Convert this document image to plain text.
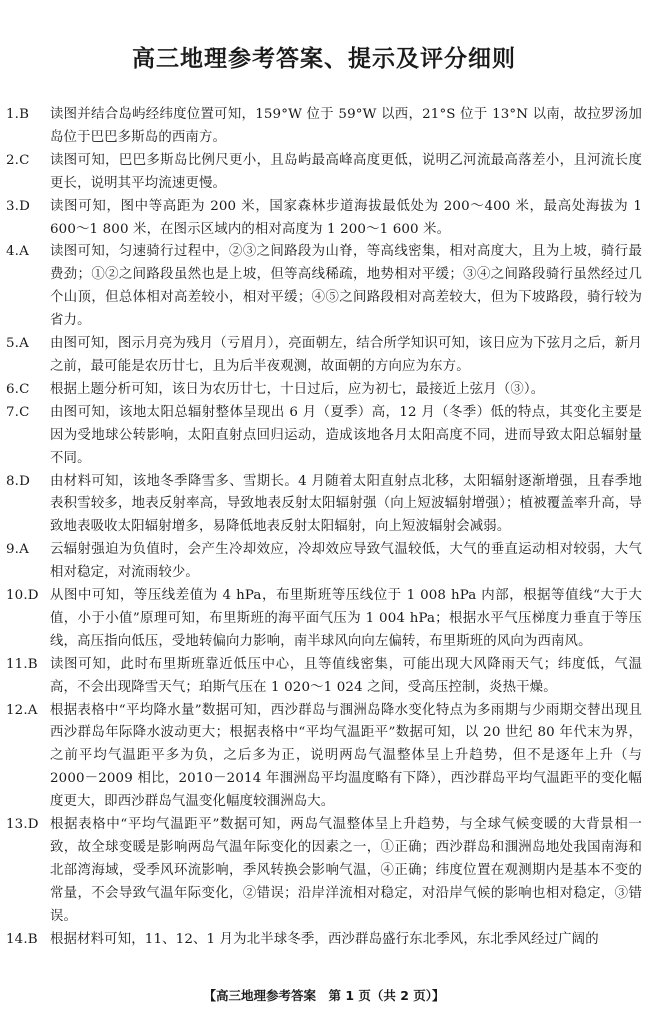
高三地理参考答案、提示及评分细则
1.B 读图并结合岛屿经纬度位置可知，159°W 位于 59°W 以西，21°S 位于 13°N 以南，故拉罗汤加岛位于巴巴多斯岛的西南方。
2.C 读图可知，巴巴多斯岛比例尺更小，且岛屿最高峰高度更低，说明乙河流最高落差小，且河流长度更长，说明其平均流速更慢。
3.D 读图可知，图中等高距为 200 米，国家森林步道海拔最低处为 200～400 米，最高处海拔为 1 600～1 800 米，在图示区域内的相对高度为 1 200～1 600 米。
4.A 读图可知，匀速骑行过程中，②③之间路段为山脊，等高线密集，相对高度大，且为上坡，骑行最费劲；①②之间路段虽然也是上坡，但等高线稀疏，地势相对平缓；③④之间路段骑行虽然经过几个山顶，但总体相对高差较小，相对平缓；④⑤之间路段相对高差较大，但为下坡路段，骑行较为省力。
5.A 由图可知，图示月亮为残月（亏眉月），亮面朝左，结合所学知识可知，该日应为下弦月之后，新月之前，最可能是农历廿七，且为后半夜观测，故面朝的方向应为东方。
6.C 根据上题分析可知，该日为农历廿七，十日过后，应为初七，最接近上弦月（③）。
7.C 由图可知，该地太阳总辐射整体呈现出 6 月（夏季）高，12 月（冬季）低的特点，其变化主要是因为受地球公转影响，太阳直射点回归运动，造成该地各月太阳高度不同，进而导致太阳总辐射量不同。
8.D 由材料可知，该地冬季降雪多、雪期长。4 月随着太阳直射点北移，太阳辐射逐渐增强，且春季地表积雪较多，地表反射率高，导致地表反射太阳辐射强（向上短波辐射增强）；植被覆盖率升高，导致地表吸收太阳辐射增多，易降低地表反射太阳辐射，向上短波辐射会减弱。
9.A 云辐射强迫为负值时，会产生冷却效应，冷却效应导致气温较低，大气的垂直运动相对较弱，大气相对稳定，对流雨较少。
10.D 从图中可知，等压线差值为 4 hPa，布里斯班等压线位于 1 008 hPa 内部，根据等值线“大于大值，小于小值”原理可知，布里斯班的海平面气压为 1 004 hPa；根据水平气压梯度力垂直于等压线，高压指向低压，受地转偏向力影响，南半球风向向左偏转，布里斯班的风向为西南风。
11.B 读图可知，此时布里斯班靠近低压中心，且等值线密集，可能出现大风降雨天气；纬度低，气温高，不会出现降雪天气；珀斯气压在 1 020～1 024 之间，受高压控制，炎热干燥。
12.A 根据表格中“平均降水量”数据可知，西沙群岛与涠洲岛降水变化特点为多雨期与少雨期交替出现且西沙群岛年际降水波动更大；根据表格中“平均气温距平”数据可知，以 20 世纪 80 年代末为界，之前平均气温距平多为负，之后多为正，说明两岛气温整体呈上升趋势，但不是逐年上升（与 2000－2009 相比，2010－2014 年涠洲岛平均温度略有下降），西沙群岛平均气温距平的变化幅度更大，即西沙群岛气温变化幅度较涠洲岛大。
13.D 根据表格中“平均气温距平”数据可知，两岛气温整体呈上升趋势，与全球气候变暖的大背景相一致，故全球变暖是影响两岛气温年际变化的因素之一，①正确；西沙群岛和涠洲岛地处我国南海和北部湾海域，受季风环流影响，季风转换会影响气温，④正确；纬度位置在观测期内是基本不变的常量，不会导致气温年际变化，②错误；沿岸洋流相对稳定，对沿岸气候的影响也相对稳定，③错误。
14.B 根据材料可知，11、12、1 月为北半球冬季，西沙群岛盛行东北季风，东北季风经过广阔的
【高三地理参考答案　第 1 页（共 2 页）】
